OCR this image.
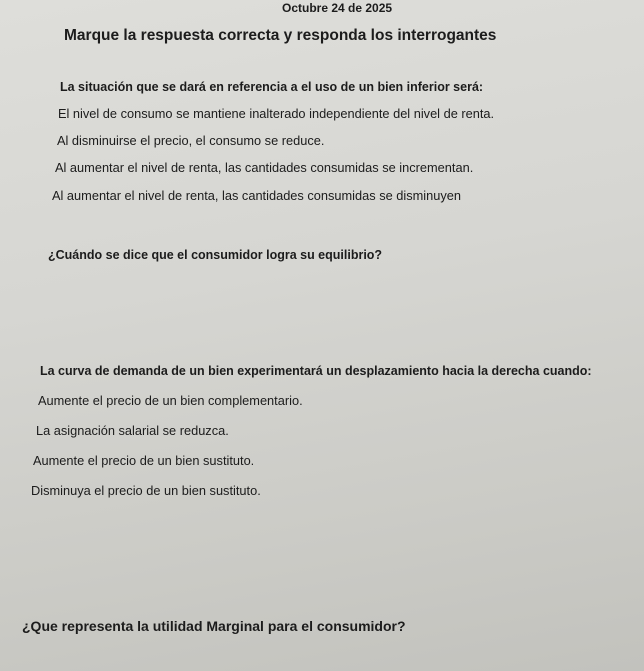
Octubre 24 de 2025
Marque la respuesta correcta y responda los interrogantes
La situación que se dará en referencia a el uso de un bien inferior será:
El nivel de consumo se mantiene inalterado independiente del nivel de renta.
Al disminuirse el precio, el consumo se reduce.
Al aumentar el nivel de renta, las cantidades consumidas se incrementan.
Al aumentar el nivel de renta, las cantidades consumidas se disminuyen
¿Cuándo se dice que el consumidor logra su equilibrio?
La curva de demanda de un bien experimentará un desplazamiento hacia la derecha cuando:
Aumente el precio de un bien complementario.
La asignación salarial se reduzca.
Aumente el precio de un bien sustituto.
Disminuya el precio de un bien sustituto.
¿Que representa la utilidad Marginal para el consumidor?
